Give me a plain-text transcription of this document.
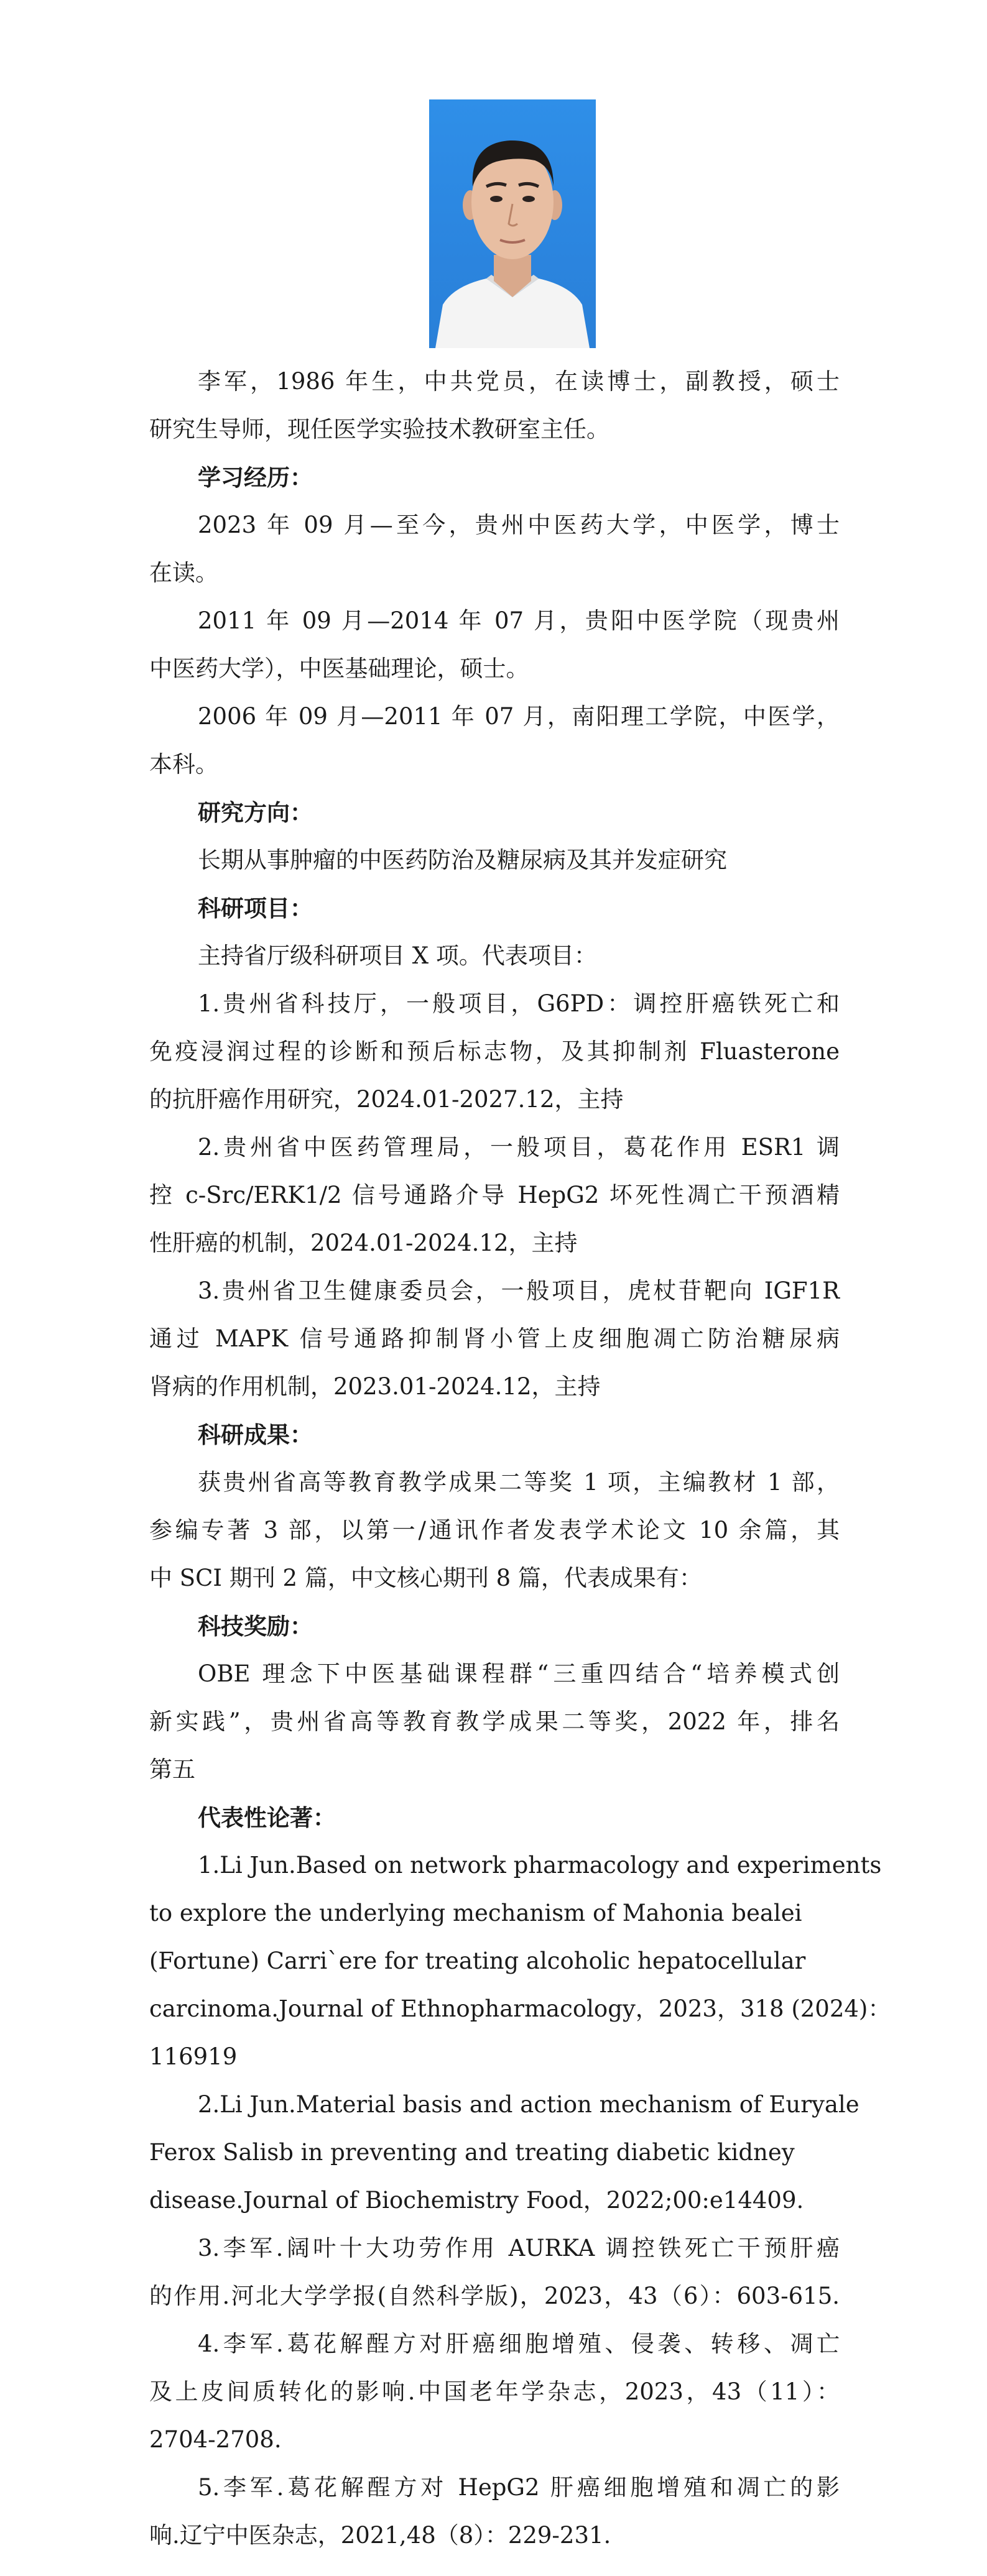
李军，1986 年生，中共党员，在读博士，副教授，硕士
研究生导师，现任医学实验技术教研室主任。
学习经历：
2023 年 09 月—至今，贵州中医药大学，中医学，博士
在读。
2011 年 09 月—2014 年 07 月，贵阳中医学院（现贵州
中医药大学），中医基础理论，硕士。
2006 年 09 月—2011 年 07 月，南阳理工学院，中医学，
本科。
研究方向：
长期从事肿瘤的中医药防治及糖尿病及其并发症研究
科研项目：
主持省厅级科研项目 X 项。代表项目：
1.贵州省科技厅，一般项目，G6PD：调控肝癌铁死亡和
免疫浸润过程的诊断和预后标志物，及其抑制剂 Fluasterone
的抗肝癌作用研究，2024.01-2027.12，主持
2.贵州省中医药管理局，一般项目，葛花作用 ESR1 调
控 c-Src/ERK1/2 信号通路介导 HepG2 坏死性凋亡干预酒精
性肝癌的机制，2024.01-2024.12，主持
3.贵州省卫生健康委员会，一般项目，虎杖苷靶向 IGF1R
通过 MAPK 信号通路抑制肾小管上皮细胞凋亡防治糖尿病
肾病的作用机制，2023.01-2024.12，主持
科研成果：
获贵州省高等教育教学成果二等奖 1 项，主编教材 1 部，
参编专著 3 部，以第一/通讯作者发表学术论文 10 余篇，其
中 SCI 期刊 2 篇，中文核心期刊 8 篇，代表成果有：
科技奖励：
OBE 理念下中医基础课程群“三重四结合“培养模式创
新实践”，贵州省高等教育教学成果二等奖，2022 年，排名
第五
代表性论著：
1.Li Jun.Based on network pharmacology and experiments
to explore the underlying mechanism of Mahonia bealei
(Fortune) Carri`ere for treating alcoholic hepatocellular
carcinoma.Journal of Ethnopharmacology，2023，318 (2024)：
116919
2.Li Jun.Material basis and action mechanism of Euryale
Ferox Salisb in preventing and treating diabetic kidney
disease.Journal of Biochemistry Food，2022;00:e14409.
3.李军.阔叶十大功劳作用 AURKA 调控铁死亡干预肝癌
的作用.河北大学学报(自然科学版)，2023，43（6）：603-615.
4.李军.葛花解酲方对肝癌细胞增殖、侵袭、转移、凋亡
及上皮间质转化的影响.中国老年学杂志，2023，43（11）：
2704-2708.
5.李军.葛花解酲方对 HepG2 肝癌细胞增殖和凋亡的影
响.辽宁中医杂志，2021,48（8）：229-231.
